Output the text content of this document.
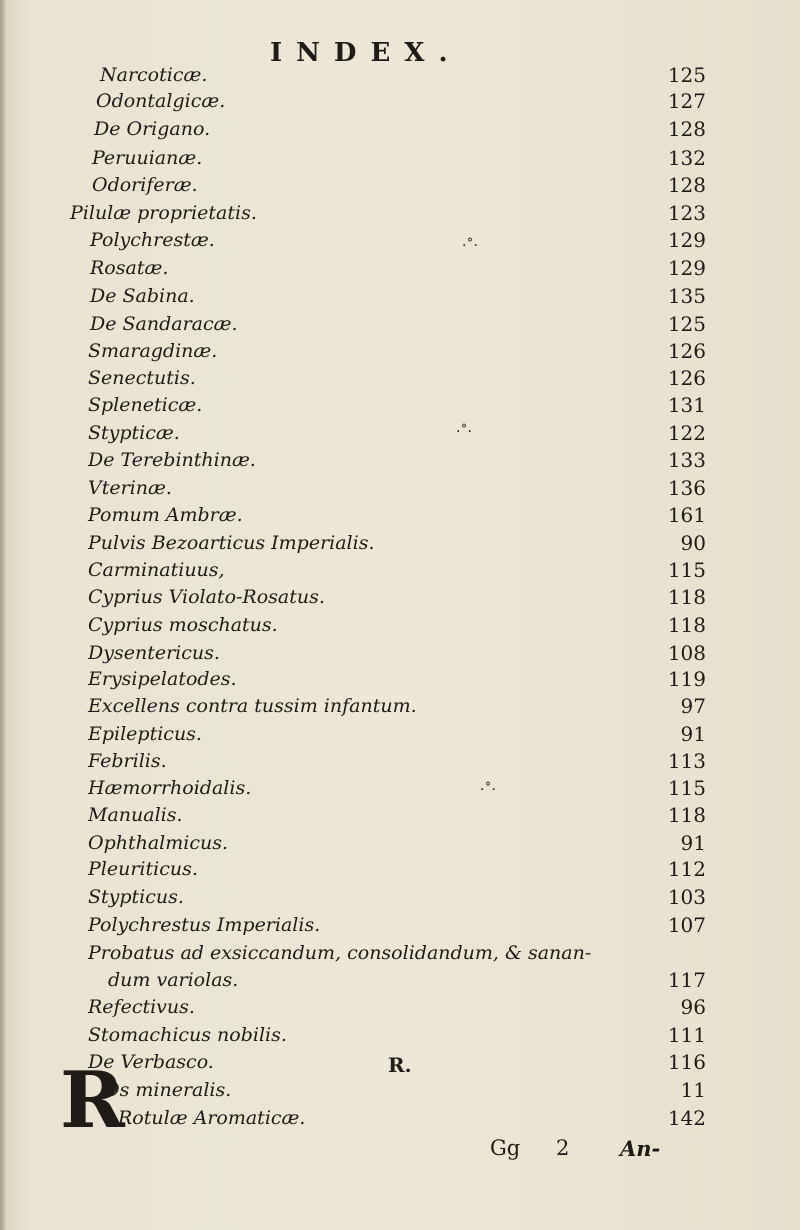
INDEX.
Narcoticæ.	125
Odontalgicæ.	127
De Origano.	128
Peruuianæ.	132
Odoriferæ.	128
Pilulæ proprietatis.	123
Polychrestæ.	129
Rosatæ.	129
De Sabina.	135
De Sandaracæ.	125
Smaragdinæ.	126
Senectutis.	126
Spleneticæ.	131
Stypticæ.	122
De Terebinthinæ.	133
Vterinæ.	136
Pomum Ambræ.	161
Pulvis Bezoarticus Imperialis.	90
Carminatiuus,	115
Cyprius Violato-Rosatus.	118
Cyprius moschatus.	118
Dysentericus.	108
Erysipelatodes.	119
Excellens contra tussim infantum.	97
Epilepticus.	91
Febrilis.	113
Hæmorrhoidalis.	115
Manualis.	118
Ophthalmicus.	91
Pleuriticus.	112
Stypticus.	103
Polychrestus Imperialis.	107
Probatus ad exsiccandum, consolidandum, & sanan-
dum variolas.	117
Refectivus.	96
Stomachicus nobilis.	111
De Verbasco.	116
Os mineralis.	11
Rotulæ Aromaticæ.	142
R.
R
Gg 2 An-
·˚·
·˚·
·˚·
